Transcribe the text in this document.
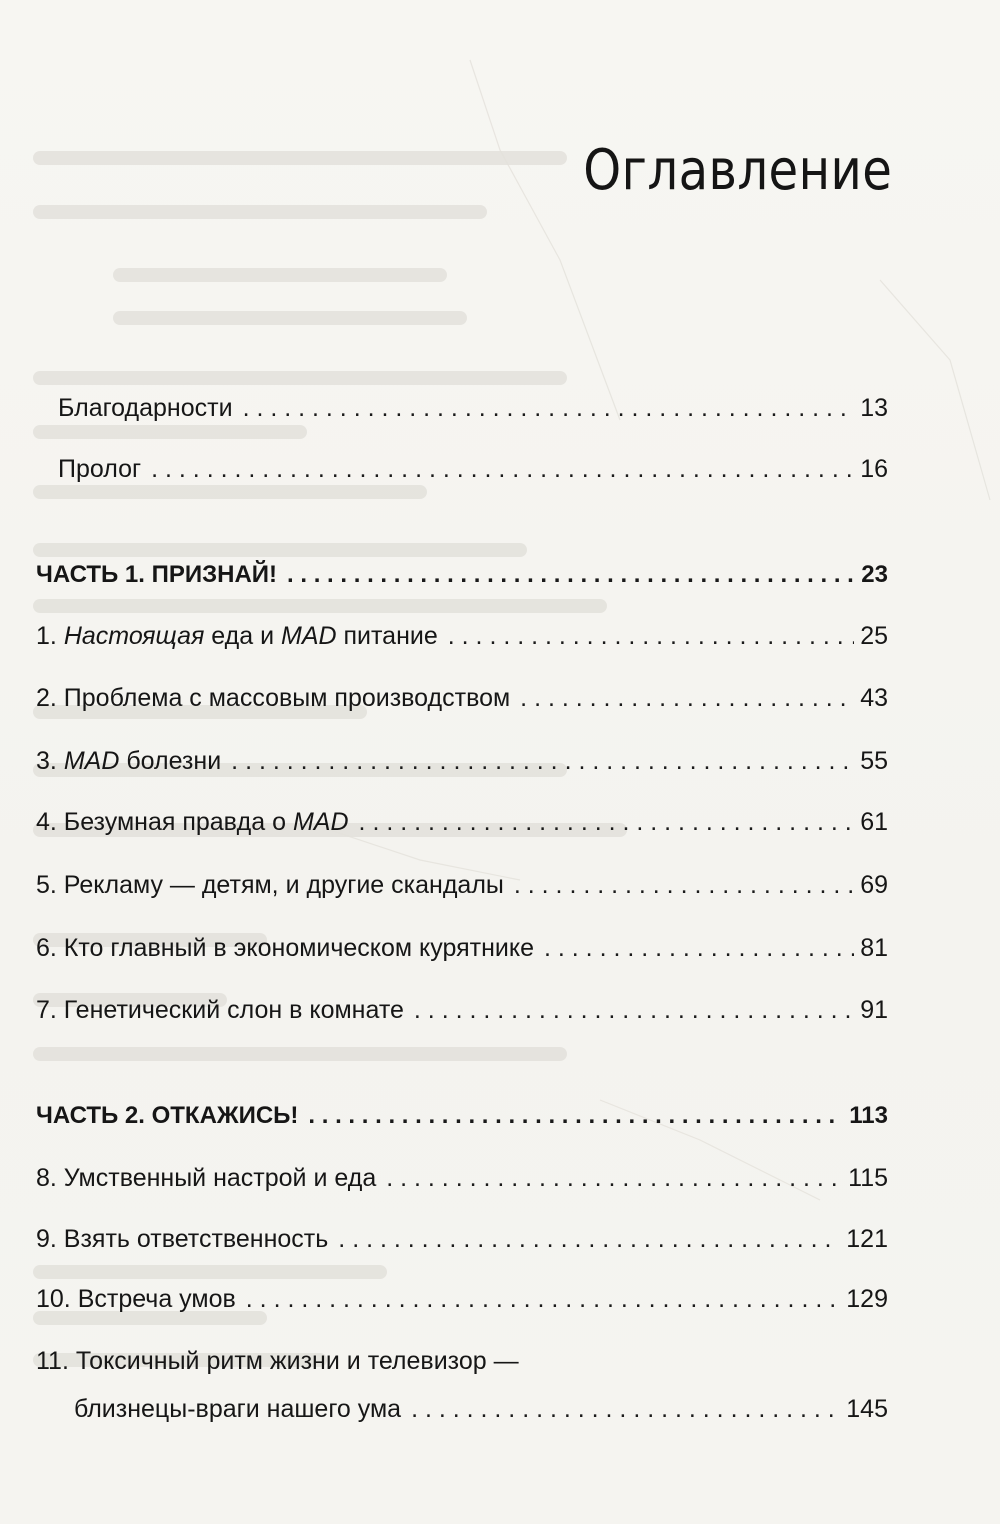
Оглавление
Благодарности . . .	13
Пролог . . .	16
ЧАСТЬ 1. ПРИЗНАЙ! . . .	23
1. Настоящая еда и MAD питание . . .	25
2. Проблема с массовым производством . . .	43
3. MAD болезни . . .	55
4. Безумная правда о MAD . . .	61
5. Рекламу — детям, и другие скандалы . . .	69
6. Кто главный в экономическом курятнике . . .	81
7. Генетический слон в комнате . . .	91
ЧАСТЬ 2. ОТКАЖИСЬ! . . .	113
8. Умственный настрой и еда . . .	115
9. Взять ответственность . . .	121
10. Встреча умов . . .	129
11. Токсичный ритм жизни и телевизор —
близнецы-враги нашего ума . . .	145
